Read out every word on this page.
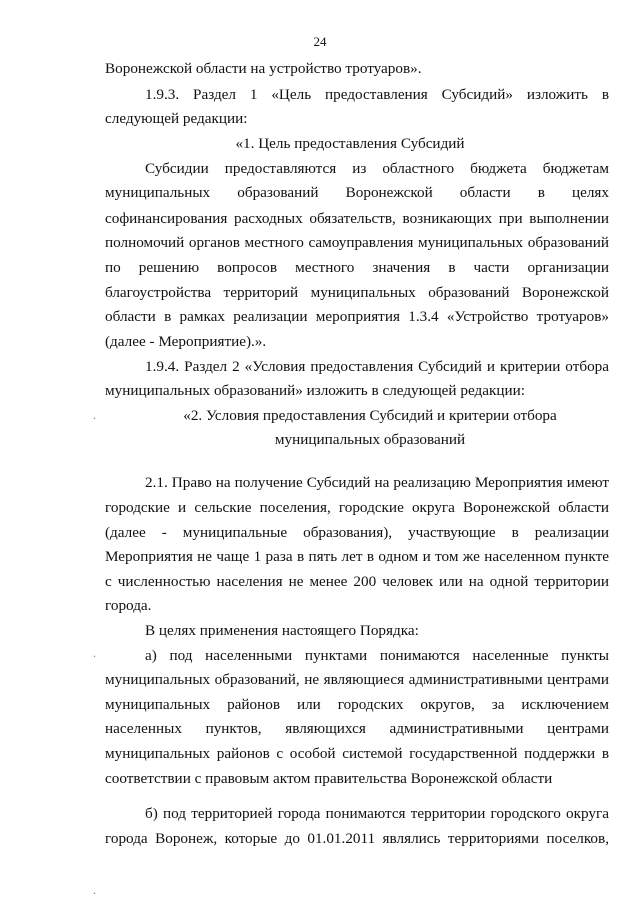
24
Воронежской области на устройство тротуаров».
1.9.3. Раздел 1 «Цель предоставления Субсидий» изложить в
следующей редакции:
«1. Цель предоставления Субсидий
Субсидии предоставляются из областного бюджета бюджетам
муниципальных образований Воронежской области в целях
софинансирования расходных обязательств, возникающих при выполнении
полномочий органов местного самоуправления муниципальных образований
по решению вопросов местного значения в части организации
благоустройства территорий муниципальных образований Воронежской
области в рамках реализации мероприятия 1.3.4 «Устройство тротуаров»
(далее - Мероприятие).».
1.9.4. Раздел 2 «Условия предоставления Субсидий и критерии отбора
муниципальных образований» изложить в следующей редакции:
«2. Условия предоставления Субсидий и критерии отбора
муниципальных образований
2.1. Право на получение Субсидий на реализацию Мероприятия имеют
городские и сельские поселения, городские округа Воронежской области
(далее - муниципальные образования), участвующие в реализации
Мероприятия не чаще 1 раза в пять лет в одном и том же населенном пункте
с численностью населения не менее 200 человек или на одной территории
города.
В целях применения настоящего Порядка:
а) под населенными пунктами понимаются населенные пункты
муниципальных образований, не являющиеся административными центрами
муниципальных районов или городских округов, за исключением
населенных пунктов, являющихся административными центрами
муниципальных районов с особой системой государственной поддержки в
соответствии с правовым актом правительства Воронежской области
б) под территорией города понимаются территории городского округа
города Воронеж, которые до 01.01.2011 являлись территориями поселков,
.
.
.
